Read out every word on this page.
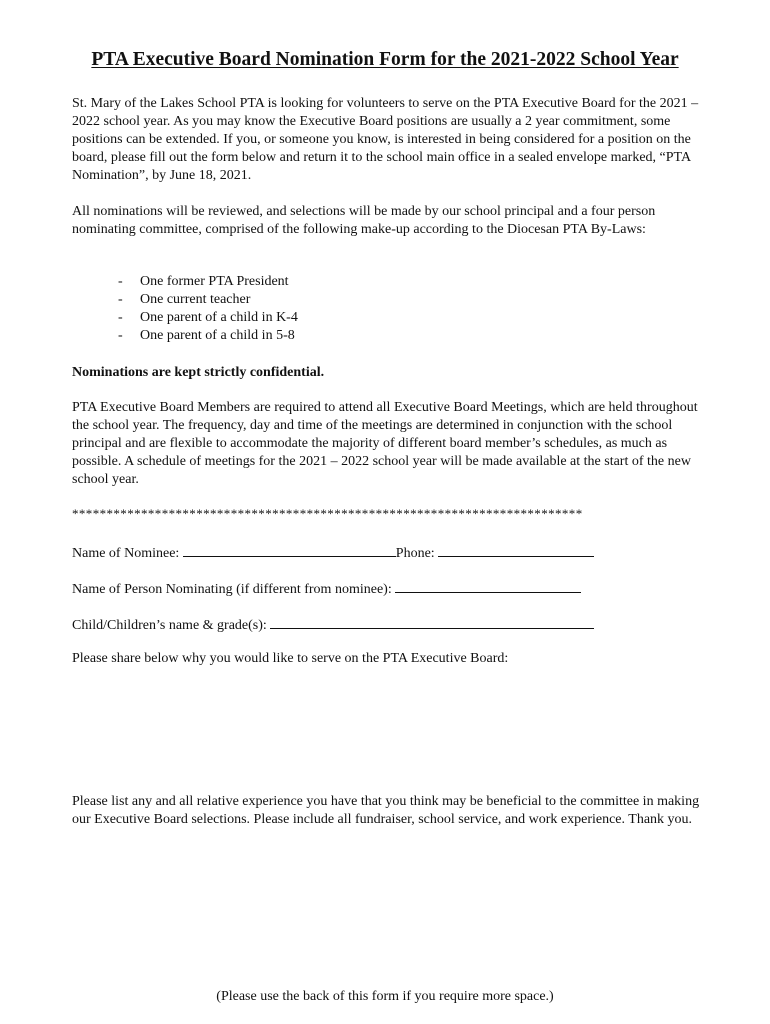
PTA Executive Board Nomination Form for the 2021-2022 School Year

St. Mary of the Lakes School PTA is looking for volunteers to serve on the PTA Executive Board for the 2021 – 2022 school year. As you may know the Executive Board positions are usually a 2 year commitment, some positions can be extended. If you, or someone you know, is interested in being considered for a position on the board, please fill out the form below and return it to the school main office in a sealed envelope marked, “PTA Nomination”, by June 18, 2021.

All nominations will be reviewed, and selections will be made by our school principal and a four person nominating committee, comprised of the following make-up according to the Diocesan PTA By-Laws:

- One former PTA President
- One current teacher
- One parent of a child in K-4
- One parent of a child in 5-8

Nominations are kept strictly confidential.

PTA Executive Board Members are required to attend all Executive Board Meetings, which are held throughout the school year. The frequency, day and time of the meetings are determined in conjunction with the school principal and are flexible to accommodate the majority of different board member’s schedules, as much as possible. A schedule of meetings for the 2021 – 2022 school year will be made available at the start of the new school year.

**************************************************************************
Name of Nominee:	Phone:
Name of Person Nominating (if different from nominee):
Child/Children’s name & grade(s):
Please share below why you would like to serve on the PTA Executive Board:

Please list any and all relative experience you have that you think may be beneficial to the committee in making our Executive Board selections. Please include all fundraiser, school service, and work experience. Thank you.

(Please use the back of this form if you require more space.)
